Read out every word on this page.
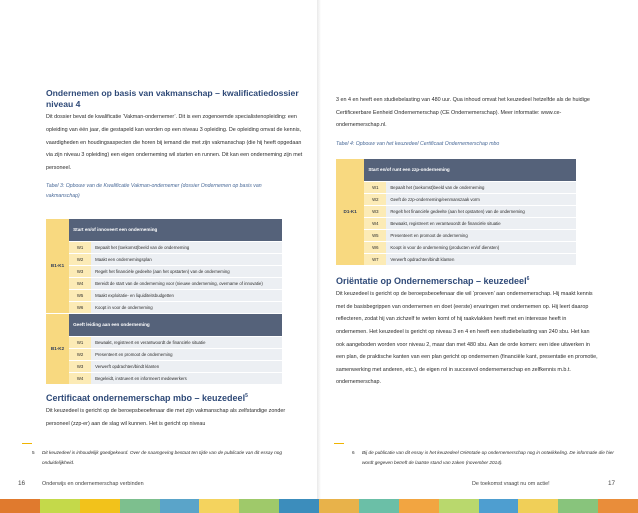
Ondernemen op basis van vakmanschap – kwalificatiedossier niveau 4

Dit dossier bevat de kwalificatie ‘Vakman-ondernemer’. Dit is een zogenoemde specialistenopleiding: een opleiding van één jaar, die gestapeld kan worden op een niveau 3 opleiding. De opleiding omvat de kennis, vaardigheden en houdingsaspecten die horen bij iemand die met zijn vakmanschap (die hij heeft opgedaan via zijn niveau 3 opleiding) een eigen onderneming wil starten en runnen. Dit kan een onderneming zijn met personeel.

Tabel 3: Opbouw van de Kwalificatie Vakman-ondernemer (dossier Ondernemen op basis van vakmanschap)

B1-K1	Start en/of innoveert een onderneming	
	W1	Bepaalt het (toekomst)beeld van de onderneming
	W2	Maakt een ondernemingsplan
	W3	Regelt het financiële gedeelte (aan het opstarten) van de onderneming
	W4	Bereidt de start van de onderneming voor (nieuwe onderneming, overname of innovatie)
	W5	Maakt exploitatie- en liquiditeitsbudgetten
	W6	Koopt in voor de onderneming
B1-K2	Geeft leiding aan een onderneming	
	W1	Bewaakt, registreert en verantwoordt de financiële situatie
	W2	Presenteert en promoot de onderneming
	W3	Verwerft opdrachten/bindt klanten
	W4	Begeleidt, instrueert en informeert medewerkers
Certificaat ondernemerschap mbo – keuzedeel$^5$

Dit keuzedeel is gericht op de beroepsbeoefenaar die met zijn vakmanschap als zelfstandige zonder personeel (zzp-er) aan de slag wil kunnen. Het is gericht op niveau

5 Dit keuzedeel is inhoudelijk goedgekeurd. Over de naamgeving bestaat ten tijde van de publicatie van dit essay nog onduidelijkheid.
16	Onderwijs en ondernemerschap verbinden

3 en 4 en heeft een studiebelasting van 480 uur. Qua inhoud omvat het keuzedeel hetzelfde als de huidige Certificeerbare Eenheid Ondernemerschap (CE Ondernemerschap). Meer informatie: www.ce-ondernemerschap.nl.

Tabel 4: Opbouw van het keuzedeel Certificaat Ondernemerschap mbo

D1-K1	Start en/of runt een zzp-onderneming	
	W1	Bepaalt het (toekomst)beeld van de onderneming
	W2	Geeft de zzp-onderneming/eenmanszaak vorm
	W3	Regelt het financiële gedeelte (aan het opstarten) van de onderneming
	W4	Bewaakt, registreert en verantwoordt de financiële situatie
	W5	Presenteert en promoot de onderneming
	W6	Koopt in voor de onderneming (producten en/of diensten)
	W7	Verwerft opdrachten/bindt klanten
Oriëntatie op Ondernemerschap – keuzedeel$^6$

Dit keuzedeel is gericht op de beroepsbeoefenaar die wil ‘proeven’ aan ondernemerschap. Hij maakt kennis met de basisbegrippen van ondernemen en doet (eerste) ervaringen met ondernemen op. Hij leert daarop reflecteren, zodat hij van zichzelf te weten komt of hij raakvlakken heeft met en interesse heeft in ondernemen. Het keuzedeel is gericht op niveau 3 en 4 en heeft een studiebelasting van 240 sbu. Het kan ook aangeboden worden voor niveau 2, maar dan met 480 sbu. Aan de orde komen: een idee uitwerken in een plan, de praktische kanten van een plan gericht op ondernemen (financiële kant, presentatie en promotie, samenwerking met anderen, etc.), de eigen rol in succesvol ondernemerschap en zelfkennis m.b.t. ondernemerschap.

6 Bij de publicatie van dit essay is het keuzedeel Oriëntatie op ondernemerschap nog in ontwikkeling. De informatie die hier wordt gegeven betreft de laatste stand van zaken (november 2014).
De toekomst vraagt nu om actie!	17
